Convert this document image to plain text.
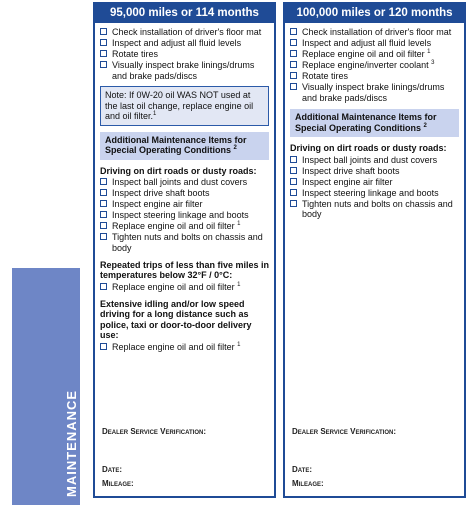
MAINTENANCE
95,000 miles or 114 months
Check installation of driver's floor mat
Inspect and adjust all fluid levels
Rotate tires
Visually inspect brake linings/drums and brake pads/discs
Note: If 0W-20 oil WAS NOT used at the last oil change, replace engine oil and oil filter.$^1$
Additional Maintenance Items for Special Operating Conditions $^2$
Driving on dirt roads or dusty roads:
Inspect ball joints and dust covers
Inspect drive shaft boots
Inspect engine air filter
Inspect steering linkage and boots
Replace engine oil and oil filter $^1$
Tighten nuts and bolts on chassis and body
Repeated trips of less than five miles in temperatures below 32°F / 0°C:
Replace engine oil and oil filter $^1$
Extensive idling and/or low speed driving for a long distance such as police, taxi or door-to-door delivery use:
Replace engine oil and oil filter $^1$
Dealer Service Verification:
Date:
Mileage:
100,000 miles or 120 months
Check installation of driver's floor mat
Inspect and adjust all fluid levels
Replace engine oil and oil filter $^1$
Replace engine/inverter coolant $^3$
Rotate tires
Visually inspect brake linings/drums and brake pads/discs
Additional Maintenance Items for Special Operating Conditions $^2$
Driving on dirt roads or dusty roads:
Inspect ball joints and dust covers
Inspect drive shaft boots
Inspect engine air filter
Inspect steering linkage and boots
Tighten nuts and bolts on chassis and body
Dealer Service Verification:
Date:
Mileage:
